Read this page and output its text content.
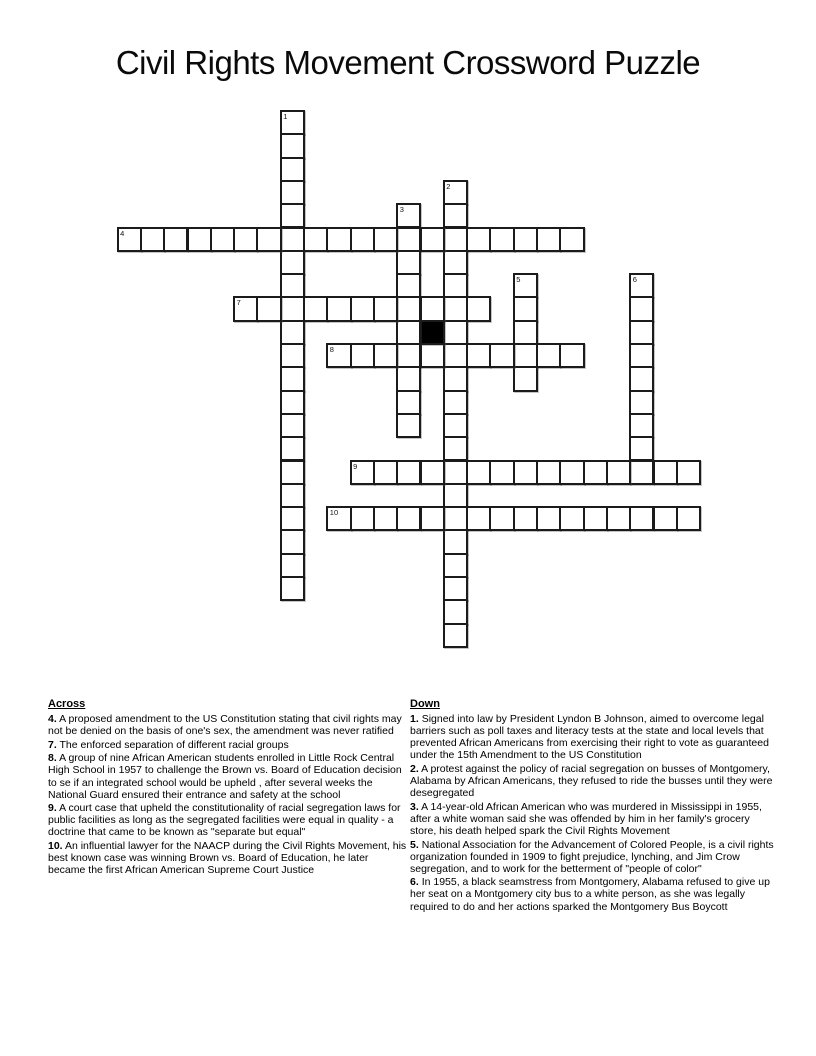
Civil Rights Movement Crossword Puzzle
1
2
3
4
5	6
7
8
9
10
Across

4. A proposed amendment to the US Constitution stating that civil rights may not be denied on the basis of one's sex, the amendment was never ratified

7. The enforced separation of different racial groups

8. A group of nine African American students enrolled in Little Rock Central High School in 1957 to challenge the Brown vs. Board of Education decision to se if an integrated school would be upheld , after several weeks the National Guard ensured their entrance and safety at the school

9. A court case that upheld the constitutionality of racial segregation laws for public facilities as long as the segregated facilities were equal in quality - a doctrine that came to be known as "separate but equal"

10. An influential lawyer for the NAACP during the Civil Rights Movement, his best known case was winning Brown vs. Board of Education, he later became the first African American Supreme Court Justice

Down

1. Signed into law by President Lyndon B Johnson, aimed to overcome legal barriers such as poll taxes and literacy tests at the state and local levels that prevented African Americans from exercising their right to vote as guaranteed under the 15th Amendment to the US Constitution

2. A protest against the policy of racial segregation on busses of Montgomery, Alabama by African Americans, they refused to ride the busses until they were desegregated

3. A 14-year-old African American who was murdered in Mississippi in 1955, after a white woman said she was offended by him in her family's grocery store, his death helped spark the Civil Rights Movement

5. National Association for the Advancement of Colored People, is a civil rights organization founded in 1909 to fight prejudice, lynching, and Jim Crow segregation, and to work for the betterment of "people of color"

6. In 1955, a black seamstress from Montgomery, Alabama refused to give up her seat on a Montgomery city bus to a white person, as she was legally required to do and her actions sparked the Montgomery Bus Boycott
